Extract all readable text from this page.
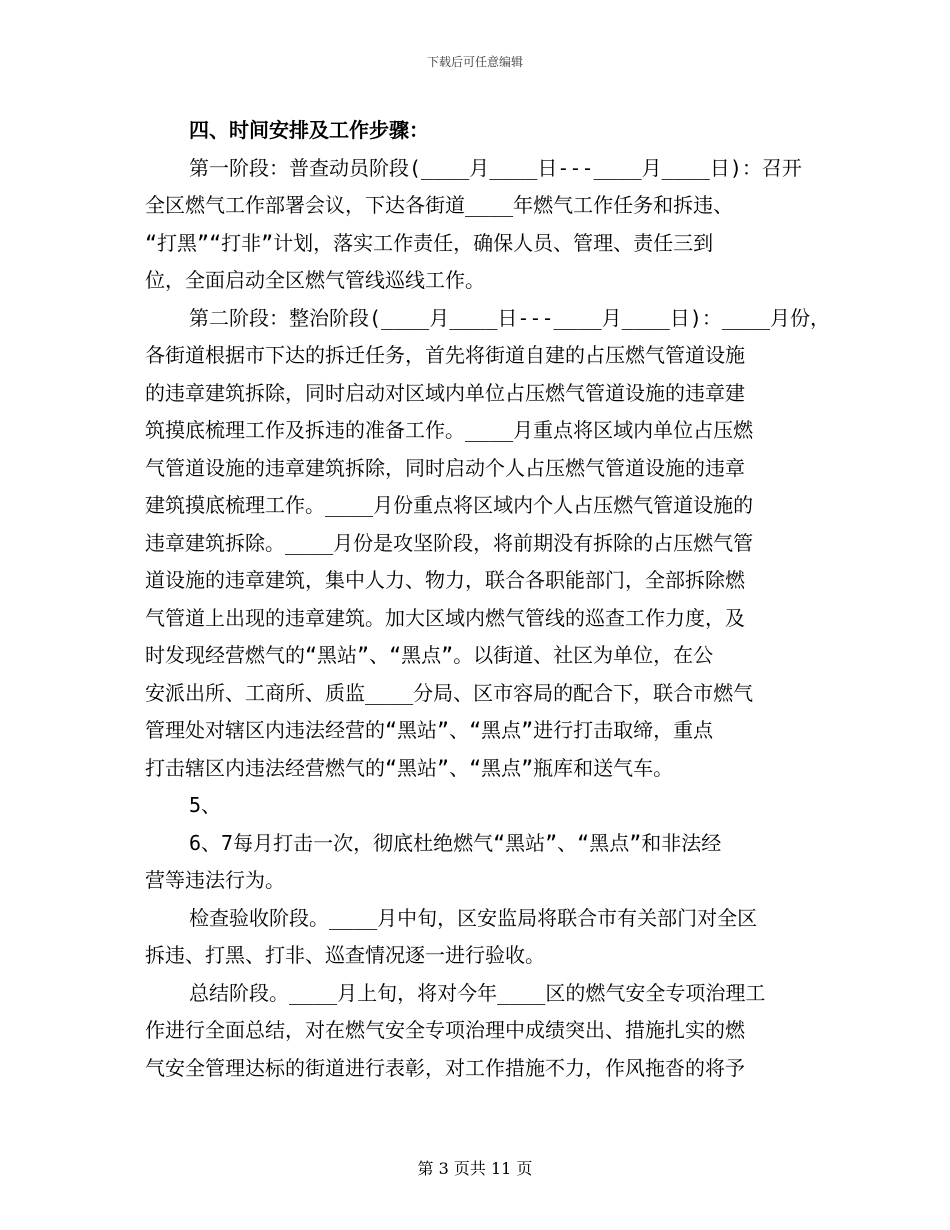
下载后可任意编辑
四、时间安排及工作步骤：
第一阶段：普查动员阶段(____月____日---____月____日)：召开
全区燃气工作部署会议，下达各街道____年燃气工作任务和拆违、
“打黑”“打非”计划，落实工作责任，确保人员、管理、责任三到
位，全面启动全区燃气管线巡线工作。
第二阶段：整治阶段(____月____日---____月____日)：____月份，
各街道根据市下达的拆迁任务，首先将街道自建的占压燃气管道设施
的违章建筑拆除，同时启动对区域内单位占压燃气管道设施的违章建
筑摸底梳理工作及拆违的准备工作。____月重点将区域内单位占压燃
气管道设施的违章建筑拆除，同时启动个人占压燃气管道设施的违章
建筑摸底梳理工作。____月份重点将区域内个人占压燃气管道设施的
违章建筑拆除。____月份是攻坚阶段，将前期没有拆除的占压燃气管
道设施的违章建筑，集中人力、物力，联合各职能部门，全部拆除燃
气管道上出现的违章建筑。加大区域内燃气管线的巡查工作力度，及
时发现经营燃气的“黑站”、“黑点”。以街道、社区为单位，在公
安派出所、工商所、质监____分局、区市容局的配合下，联合市燃气
管理处对辖区内违法经营的“黑站”、“黑点”进行打击取缔，重点
打击辖区内违法经营燃气的“黑站”、“黑点”瓶库和送气车。
5、
6、7每月打击一次，彻底杜绝燃气“黑站”、“黑点”和非法经
营等违法行为。
检查验收阶段。____月中旬，区安监局将联合市有关部门对全区
拆违、打黑、打非、巡查情况逐一进行验收。
总结阶段。____月上旬，将对今年____区的燃气安全专项治理工
作进行全面总结，对在燃气安全专项治理中成绩突出、措施扎实的燃
气安全管理达标的街道进行表彰，对工作措施不力，作风拖沓的将予
第 3 页共 11 页
